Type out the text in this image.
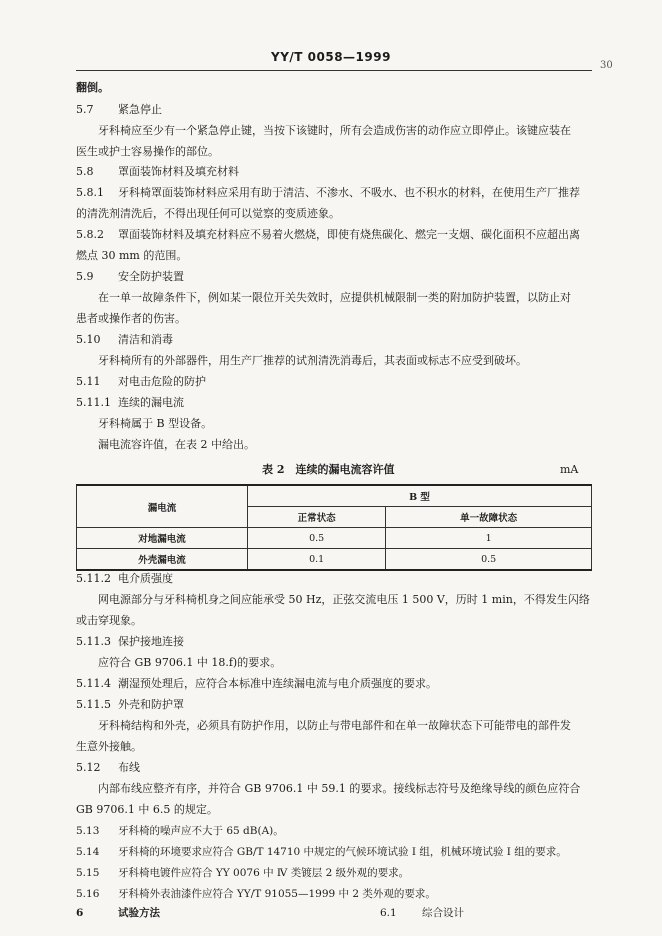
YY/T 0058—1999
翻倒。
5.7 紧急停止
牙科椅应至少有一个紧急停止键，当按下该键时，所有会造成伤害的动作应立即停止。该键应装在
医生或护士容易操作的部位。
5.8 罩面装饰材料及填充材料
5.8.1 牙科椅罩面装饰材料应采用有助于清洁、不渗水、不吸水、也不积水的材料，在使用生产厂推荐
的清洗剂清洗后，不得出现任何可以觉察的变质迹象。
5.8.2 罩面装饰材料及填充材料应不易着火燃烧，即使有烧焦碳化、燃完一支烟、碳化面积不应超出离
燃点 30 mm 的范围。
5.9 安全防护装置
在一单一故障条件下，例如某一限位开关失效时，应提供机械限制一类的附加防护装置，以防止对
患者或操作者的伤害。
5.10 清洁和消毒
牙科椅所有的外部器件，用生产厂推荐的试剂清洗消毒后，其表面或标志不应受到破坏。
5.11 对电击危险的防护
5.11.1 连续的漏电流
牙科椅属于 B 型设备。
漏电流容许值，在表 2 中给出。
表 2　连续的漏电流容许值	mA
漏电流	B 型	
	正常状态	单一故障状态
对地漏电流	0.5	1
外壳漏电流	0.1	0.5
5.11.2 电介质强度
网电源部分与牙科椅机身之间应能承受 50 Hz，正弦交流电压 1 500 V，历时 1 min，不得发生闪络
或击穿现象。
5.11.3 保护接地连接
应符合 GB 9706.1 中 18.f)的要求。
5.11.4 潮湿预处理后，应符合本标准中连续漏电流与电介质强度的要求。
5.11.5 外壳和防护罩
牙科椅结构和外壳，必须具有防护作用，以防止与带电部件和在单一故障状态下可能带电的部件发
生意外接触。
5.12 布线
内部布线应整齐有序，并符合 GB 9706.1 中 59.1 的要求。接线标志符号及绝缘导线的颜色应符合
GB 9706.1 中 6.5 的规定。
5.13 牙科椅的噪声应不大于 65 dB(A)。
5.14 牙科椅的环境要求应符合 GB/T 14710 中规定的气候环境试验 I 组，机械环境试验 I 组的要求。
5.15 牙科椅电镀件应符合 YY 0076 中 Ⅳ 类镀层 2 级外观的要求。
5.16 牙科椅外表油漆件应符合 YY/T 91055—1999 中 2 类外观的要求。
6	试验方法	6.1 综合设计
30
